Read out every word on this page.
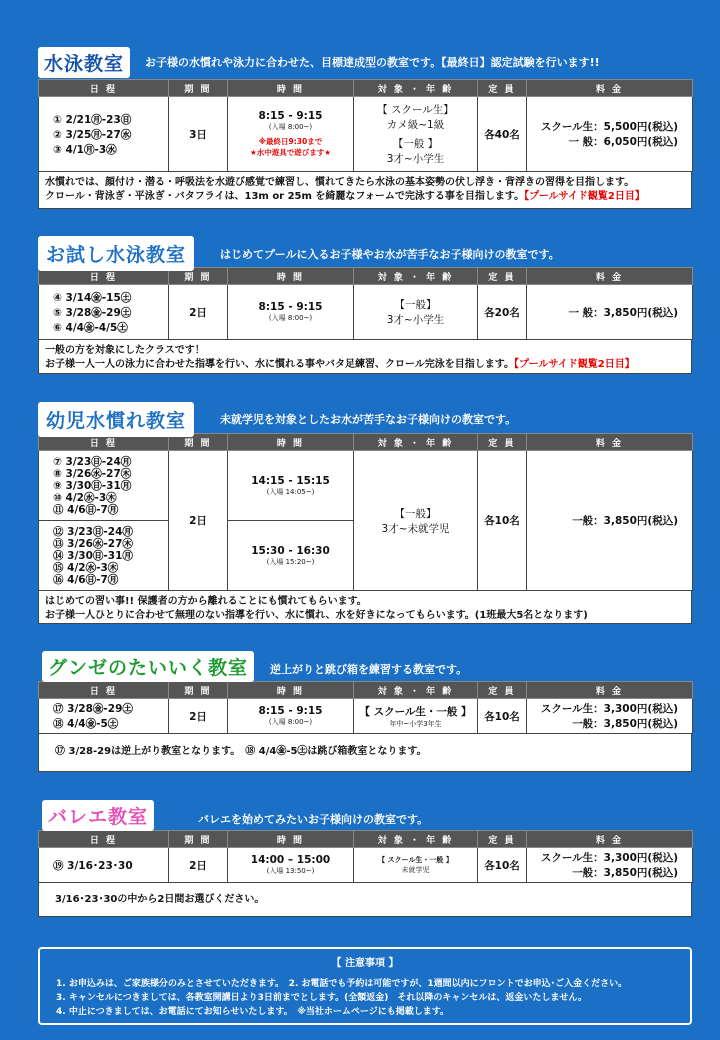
水泳教室	お子様の水慣れや泳力に合わせた、目標達成型の教室です。【最終日】認定試験を行います!!
日 程	期 間	時 間	対 象 ・ 年 齢	定 員	料 金

① 2/21㊊-23㊐
② 3/25㊊-27㊌
③ 4/1㊊-3㊌	3日	8:15 - 9:15
(入場 8:00~)
※最終日9:30まで
★水中遊具で遊びます★	【 スクール生】
カメ級~1級
【一般 】
3才~小学生	各40名	スクール生：5,500円(税込)
一 般：6,050円(税込)
水慣れでは、顔付け・潜る・呼吸法を水遊び感覚で練習し、慣れてきたら水泳の基本姿勢の伏し浮き・背浮きの習得を目指します。
クロール・背泳ぎ・平泳ぎ・バタフライは、13m or 25m を綺麗なフォームで完泳する事を目指します。【プールサイド観覧2日目】
お試し水泳教室	はじめてプールに入るお子様やお水が苦手なお子様向けの教室です。
日 程	期 間	時 間	対 象 ・ 年 齢	定 員	料 金

④ 3/14㊎-15㊏
⑤ 3/28㊎-29㊏
⑥ 4/4㊎-4/5㊏	2日	8:15 - 9:15
(入場 8:00~)	【一般】
3才~小学生	各20名	一 般：3,850円(税込)
一般の方を対象にしたクラスです！
お子様一人一人の泳力に合わせた指導を行い、水に慣れる事やバタ足練習、クロール完泳を目指します。【プールサイド観覧2日目】
幼児水慣れ教室	未就学児を対象としたお水が苦手なお子様向けの教室です。
日 程	期 間	時 間	対 象 ・ 年 齢	定 員	料 金

⑦ 3/23㊐-24㊊
⑧ 3/26㊌-27㊍
⑨ 3/30㊐-31㊊
⑩ 4/2㊌-3㊍
⑪ 4/6㊐-7㊊	2日	14:15 - 15:15
(入場 14:05~)	【一般】
3才~未就学児	各10名	一般：3,850円(税込)

⑫ 3/23㊐-24㊊
⑬ 3/26㊌-27㊍
⑭ 3/30㊐-31㊊
⑮ 4/2㊌-3㊍
⑯ 4/6㊐-7㊊		15:30 - 16:30
(入場 15:20~)			
はじめての習い事!! 保護者の方から離れることにも慣れてもらいます。
お子様一人ひとりに合わせて無理のない指導を行い、水に慣れ、水を好きになってもらいます。(1班最大5名となります)
グンゼのたいいく教室	逆上がりと跳び箱を練習する教室です。
日 程	期 間	時 間	対 象 ・ 年 齢	定 員	料 金

⑰ 3/28㊎-29㊏
⑱ 4/4㊎-5㊏	2日	8:15 - 9:15
(入場 8:00~)	【 スクール生・一般 】
年中~小学3年生	各10名	スクール生：3,300円(税込)
一般：3,850円(税込)
⑰ 3/28-29は逆上がり教室となります。　⑱ 4/4㊎-5㊏は跳び箱教室となります。
バレエ教室	バレエを始めてみたいお子様向けの教室です。
日 程	期 間	時 間	対 象 ・ 年 齢	定 員	料 金

⑲ 3/16･23･30	2日	14:00 – 15:00
(入場 13:50~)	【 スクール生・一般 】
未就学児	各10名	スクール生：3,300円(税込)
一般：3,850円(税込)
3/16･23･30の中から2日間お選びください。
【 注意事項 】
1. お申込みは、ご家族様分のみとさせていただきます。　2. お電話でも予約は可能ですが、1週間以内にフロントでお申込･ご入金ください。
3. キャンセルにつきましては、各教室開講日より3日前までとします。(全額返金)　それ以降のキャンセルは、返金いたしません。
4. 中止につきましては、お電話にてお知らせいたします。　※当社ホームページにも掲載します。
